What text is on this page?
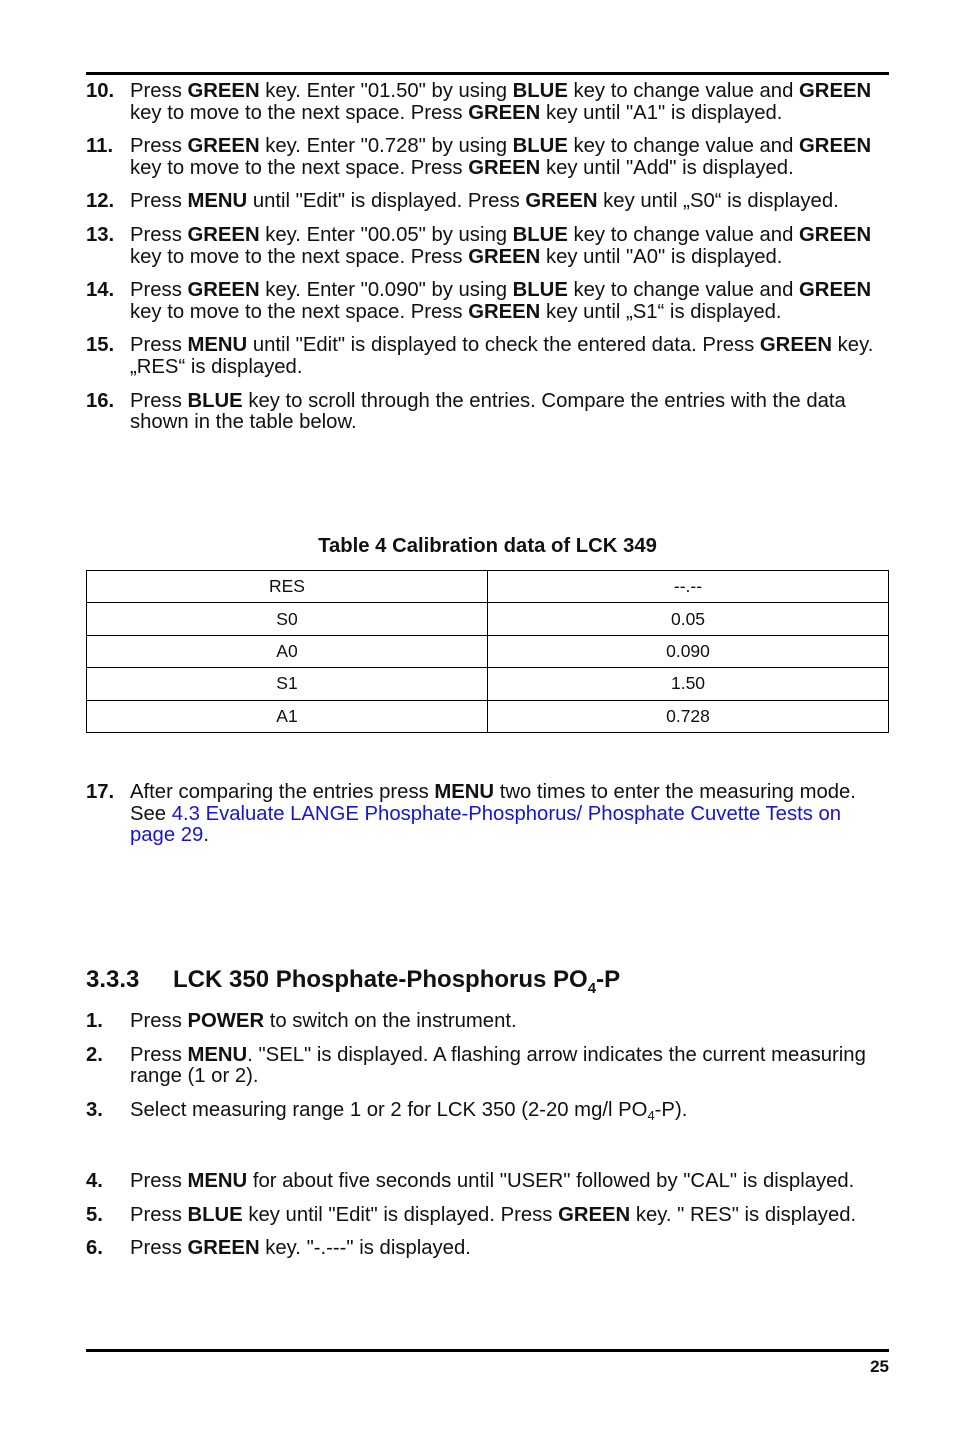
10. Press GREEN key. Enter "01.50" by using BLUE key to change value and GREEN key to move to the next space. Press GREEN key until "A1" is displayed.
11. Press GREEN key. Enter "0.728" by using BLUE key to change value and GREEN key to move to the next space. Press GREEN key until "Add" is displayed.
12. Press MENU until "Edit" is displayed. Press GREEN key until „S0“ is displayed.
13. Press GREEN key. Enter "00.05" by using BLUE key to change value and GREEN key to move to the next space. Press GREEN key until "A0" is displayed.
14. Press GREEN key. Enter "0.090" by using BLUE key to change value and GREEN key to move to the next space. Press GREEN key until „S1“ is displayed.
15. Press MENU until "Edit" is displayed to check the entered data. Press GREEN key. „RES“ is displayed.
16. Press BLUE key to scroll through the entries. Compare the entries with the data shown in the table below.
Table 4 Calibration data of LCK 349
RES	--.--
S0	0.05
A0	0.090
S1	1.50
A1	0.728
17. After comparing the entries press MENU two times to enter the measuring mode. See 4.3 Evaluate LANGE Phosphate-Phosphorus/ Phosphate Cuvette Tests on page 29.
3.3.3 LCK 350 Phosphate-Phosphorus $PO_4-P$
1.	Press POWER to switch on the instrument.
2.	Press MENU. "SEL" is displayed. A flashing arrow indicates the current measuring range (1 or 2).
3.	Select measuring range 1 or 2 for LCK 350 (2-20 mg/l $PO_4-P$).
4.	Press MENU for about five seconds until "USER" followed by "CAL" is displayed.
5.	Press BLUE key until "Edit" is displayed. Press GREEN key. " RES" is displayed.
6.	Press GREEN key. "-.---" is displayed.
25
